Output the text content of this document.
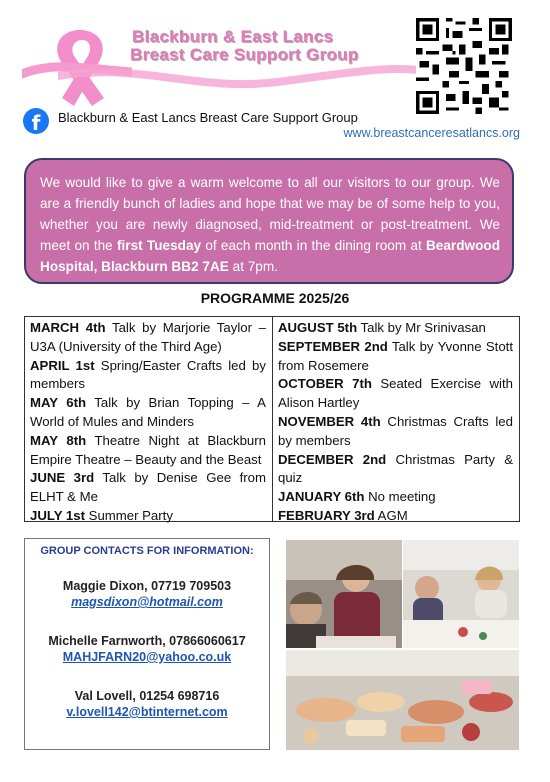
Blackburn & East Lancs
Breast Care Support Group
f	Blackburn & East Lancs Breast Care Support Group
www.breastcanceresatlancs.org
We would like to give a warm welcome to all our visitors to our group. We are a friendly bunch of ladies and hope that we may be of some help to you, whether you are newly diagnosed, mid-treatment or post-treatment. We meet on the first Tuesday of each month in the dining room at Beardwood Hospital, Blackburn BB2 7AE at 7pm.
PROGRAMME 2025/26
MARCH 4th Talk by Marjorie Taylor – U3A (University of the Third Age)
APRIL 1st Spring/Easter Crafts led by members
MAY 6th Talk by Brian Topping – A World of Mules and Minders
MAY 8th Theatre Night at Blackburn Empire Theatre – Beauty and the Beast
JUNE 3rd Talk by Denise Gee from ELHT & Me
JULY 1st Summer Party
AUGUST 5th Talk by Mr Srinivasan
SEPTEMBER 2nd Talk by Yvonne Stott from Rosemere
OCTOBER 7th Seated Exercise with Alison Hartley
NOVEMBER 4th Christmas Crafts led by members
DECEMBER 2nd Christmas Party & quiz
JANUARY 6th No meeting
FEBRUARY 3rd AGM
GROUP CONTACTS FOR INFORMATION:
Maggie Dixon, 07719 709503
magsdixon@hotmail.com
Michelle Farnworth, 07866060617
MAHJFARN20@yahoo.co.uk
Val Lovell, 01254 698716
v.lovell142@btinternet.com
